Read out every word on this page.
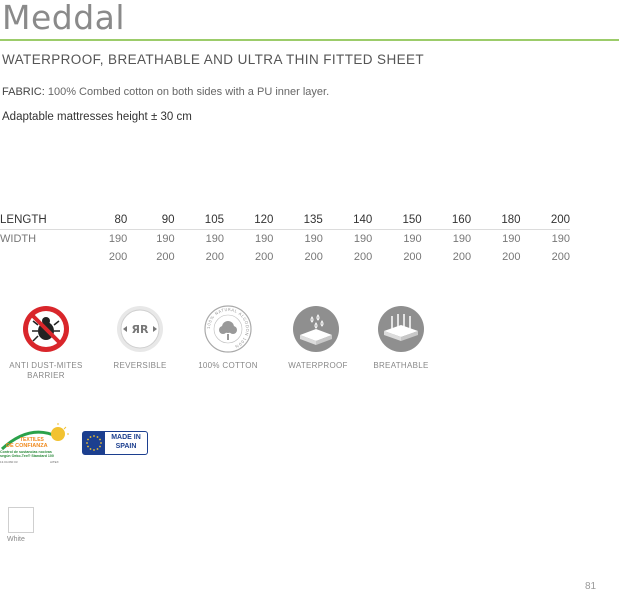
Meddal
WATERPROOF, BREATHABLE AND ULTRA THIN FITTED SHEET
FABRIC: 100% Combed cotton on both sides with a PU inner layer.
Adaptable mattresses height ± 30 cm
LENGTH	80	90	105	120	135	140	150	160	180	200
WIDTH	190	190	190	190	190	190	190	190	190	190
	200	200	200	200	200	200	200	200	200	200
ANTI DUST-MITES BARRIER
ЯR
REVERSIBLE
100% NATURAL ALGODON 100%
100% COTTON	WATERPROOF	BREATHABLE
TEXTILES
DE CONFIANZA
Control de sustancias nocivas
según Oeko-Tex® Standard 100
13.04.060 03	AITEX
MADE IN
SPAIN
White
81
